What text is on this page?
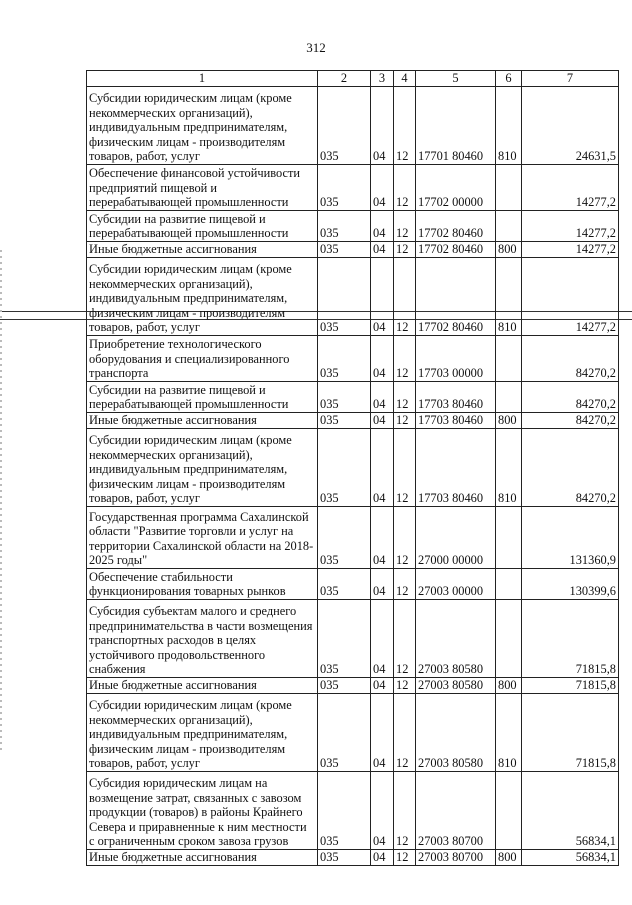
312
1	2	3	4	5	6	7
Субсидии юридическим лицам (кроме некоммерческих организаций), индивидуальным предпринимателям, физическим лицам - производителям товаров, работ, услуг	035	04	12	17701 80460	810	24631,5
Обеспечение финансовой устойчивости предприятий пищевой и перерабатывающей промышленности	035	04	12	17702 00000		14277,2
Субсидии на развитие пищевой и перерабатывающей промышленности	035	04	12	17702 80460		14277,2
Иные бюджетные ассигнования	035	04	12	17702 80460	800	14277,2
Субсидии юридическим лицам (кроме некоммерческих организаций), индивидуальным предпринимателям, физическим лицам - производителям товаров, работ, услуг	035	04	12	17702 80460	810	14277,2
Приобретение технологического оборудования и специализированного транспорта	035	04	12	17703 00000		84270,2
Субсидии на развитие пищевой и перерабатывающей промышленности	035	04	12	17703 80460		84270,2
Иные бюджетные ассигнования	035	04	12	17703 80460	800	84270,2
Субсидии юридическим лицам (кроме некоммерческих организаций), индивидуальным предпринимателям, физическим лицам - производителям товаров, работ, услуг	035	04	12	17703 80460	810	84270,2
Государственная программа Сахалинской области "Развитие торговли и услуг на территории Сахалинской области на 2018-2025 годы"	035	04	12	27000 00000		131360,9
Обеспечение стабильности функционирования товарных рынков	035	04	12	27003 00000		130399,6
Субсидия субъектам малого и среднего предпринимательства в части возмещения транспортных расходов в целях устойчивого продовольственного снабжения	035	04	12	27003 80580		71815,8
Иные бюджетные ассигнования	035	04	12	27003 80580	800	71815,8
Субсидии юридическим лицам (кроме некоммерческих организаций), индивидуальным предпринимателям, физическим лицам - производителям товаров, работ, услуг	035	04	12	27003 80580	810	71815,8
Субсидия юридическим лицам на возмещение затрат, связанных с завозом продукции (товаров) в районы Крайнего Севера и приравненные к ним местности с ограниченным сроком завоза грузов	035	04	12	27003 80700		56834,1
Иные бюджетные ассигнования	035	04	12	27003 80700	800	56834,1
